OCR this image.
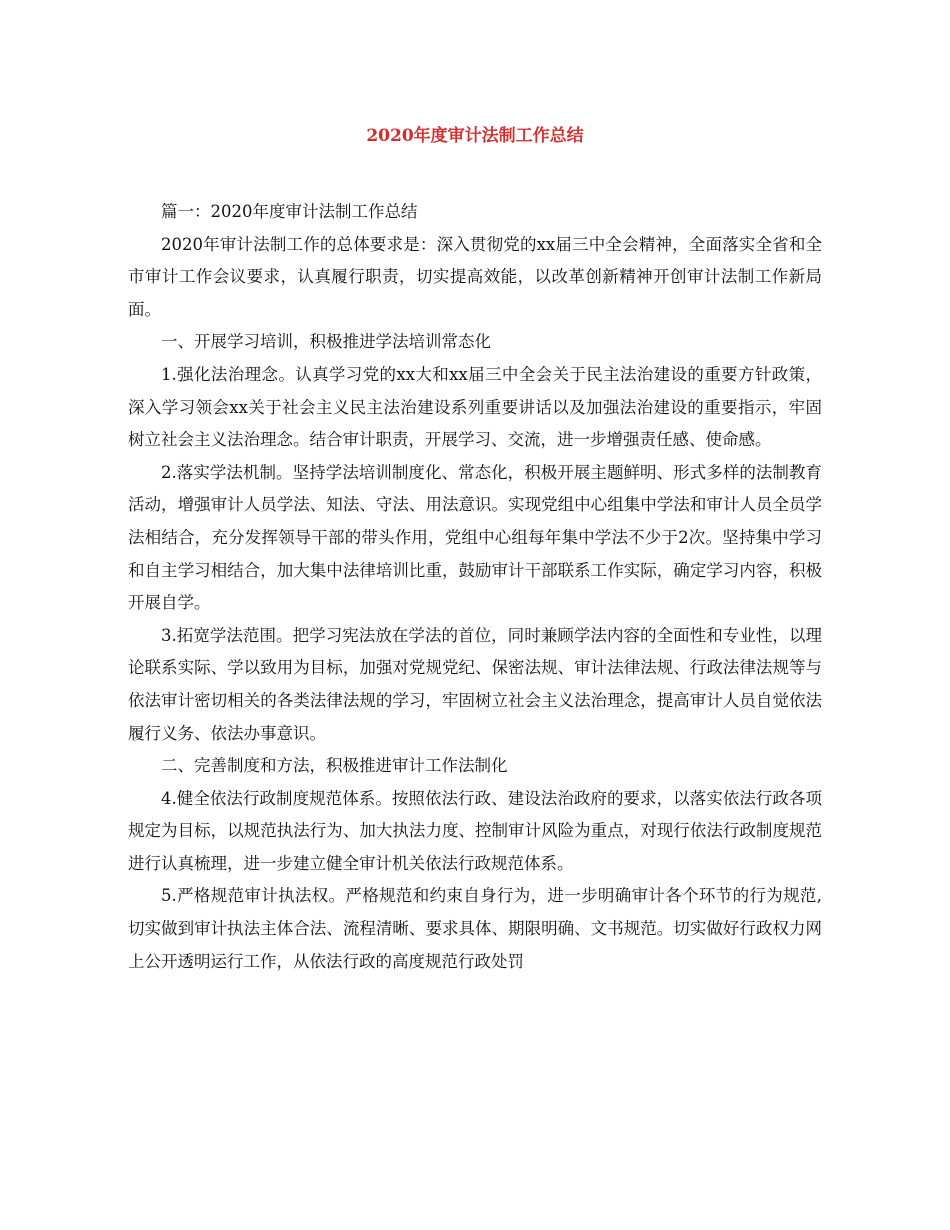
2020年度审计法制工作总结

篇一：2020年度审计法制工作总结

2020年审计法制工作的总体要求是：深入贯彻党的xx届三中全会精神，全面落实全省和全市审计工作会议要求，认真履行职责，切实提高效能，以改革创新精神开创审计法制工作新局面。

一、开展学习培训，积极推进学法培训常态化

1.强化法治理念。认真学习党的xx大和xx届三中全会关于民主法治建设的重要方针政策，深入学习领会xx关于社会主义民主法治建设系列重要讲话以及加强法治建设的重要指示，牢固树立社会主义法治理念。结合审计职责，开展学习、交流，进一步增强责任感、使命感。

2.落实学法机制。坚持学法培训制度化、常态化，积极开展主题鲜明、形式多样的法制教育活动，增强审计人员学法、知法、守法、用法意识。实现党组中心组集中学法和审计人员全员学法相结合，充分发挥领导干部的带头作用，党组中心组每年集中学法不少于2次。坚持集中学习和自主学习相结合，加大集中法律培训比重，鼓励审计干部联系工作实际，确定学习内容，积极开展自学。

3.拓宽学法范围。把学习宪法放在学法的首位，同时兼顾学法内容的全面性和专业性，以理论联系实际、学以致用为目标，加强对党规党纪、保密法规、审计法律法规、行政法律法规等与依法审计密切相关的各类法律法规的学习，牢固树立社会主义法治理念，提高审计人员自觉依法履行义务、依法办事意识。

二、完善制度和方法，积极推进审计工作法制化

4.健全依法行政制度规范体系。按照依法行政、建设法治政府的要求，以落实依法行政各项规定为目标，以规范执法行为、加大执法力度、控制审计风险为重点，对现行依法行政制度规范进行认真梳理，进一步建立健全审计机关依法行政规范体系。

5.严格规范审计执法权。严格规范和约束自身行为，进一步明确审计各个环节的行为规范,切实做到审计执法主体合法、流程清晰、要求具体、期限明确、文书规范。切实做好行政权力网上公开透明运行工作，从依法行政的高度规范行政处罚
